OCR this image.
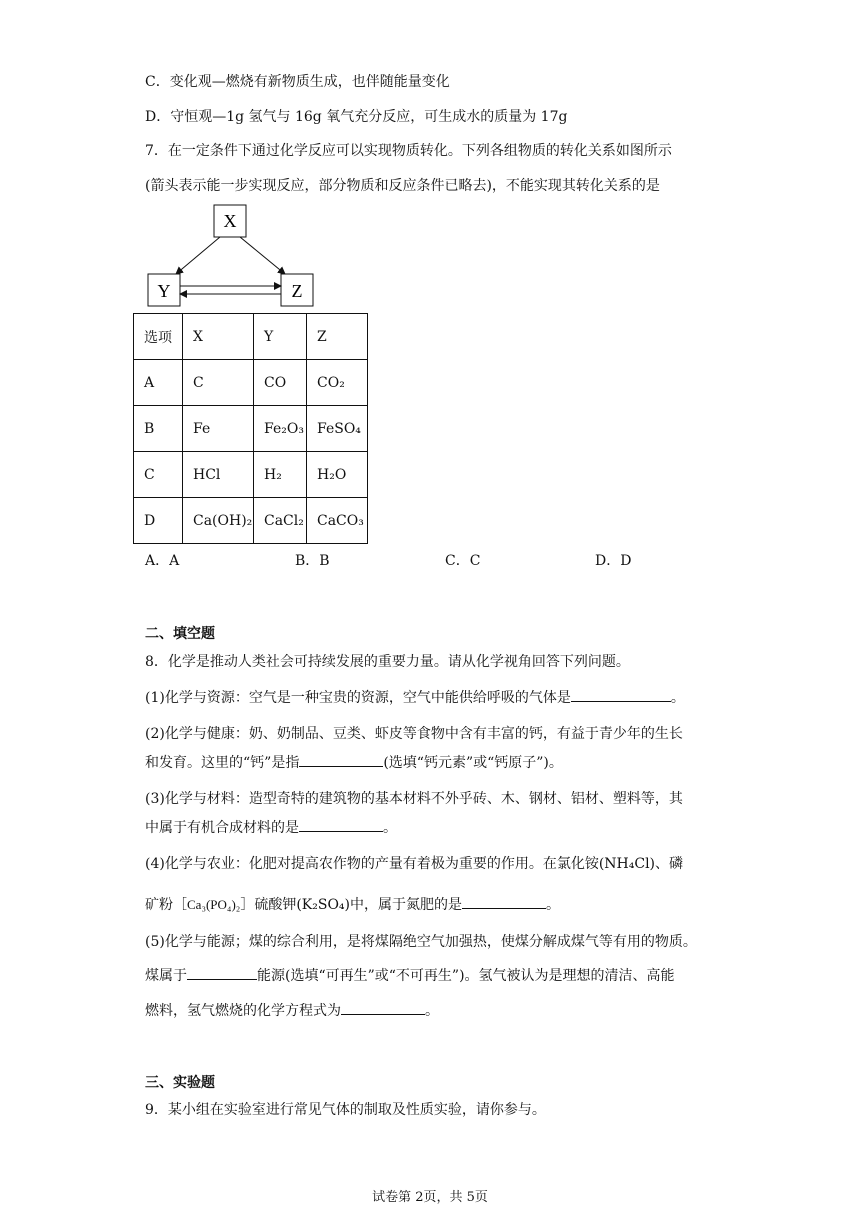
C．变化观—燃烧有新物质生成，也伴随能量变化
D．守恒观—1g 氢气与 16g 氧气充分反应，可生成水的质量为 17g
7．在一定条件下通过化学反应可以实现物质转化。下列各组物质的转化关系如图所示
(箭头表示能一步实现反应，部分物质和反应条件已略去)，不能实现其转化关系的是
X
Y	Z
选项	X	Y	Z
A	C	CO	CO₂
B	Fe	Fe₂O₃	FeSO₄
C	HCl	H₂	H₂O
D	Ca(OH)₂	CaCl₂	CaCO₃
A．A	B．B	C．C	D．D
二、填空题
8．化学是推动人类社会可持续发展的重要力量。请从化学视角回答下列问题。
(1)化学与资源：空气是一种宝贵的资源，空气中能供给呼吸的气体是	。
(2)化学与健康：奶、奶制品、豆类、虾皮等食物中含有丰富的钙，有益于青少年的生长
和发育。这里的“钙”是指	(选填“钙元素”或“钙原子”)。
(3)化学与材料：造型奇特的建筑物的基本材料不外乎砖、木、钢材、铝材、塑料等，其
中属于有机合成材料的是	。
(4)化学与农业：化肥对提高农作物的产量有着极为重要的作用。在氯化铵(NH₄Cl)、磷
矿粉［Ca₃(PO₄)₂］硫酸钾(K₂SO₄)中，属于氮肥的是	。
(5)化学与能源；煤的综合利用，是将煤隔绝空气加强热，使煤分解成煤气等有用的物质。
煤属于	能源(选填“可再生”或“不可再生”)。氢气被认为是理想的清洁、高能
燃料，氢气燃烧的化学方程式为	。
三、实验题
9．某小组在实验室进行常见气体的制取及性质实验，请你参与。
试卷第 2页，共 5页
